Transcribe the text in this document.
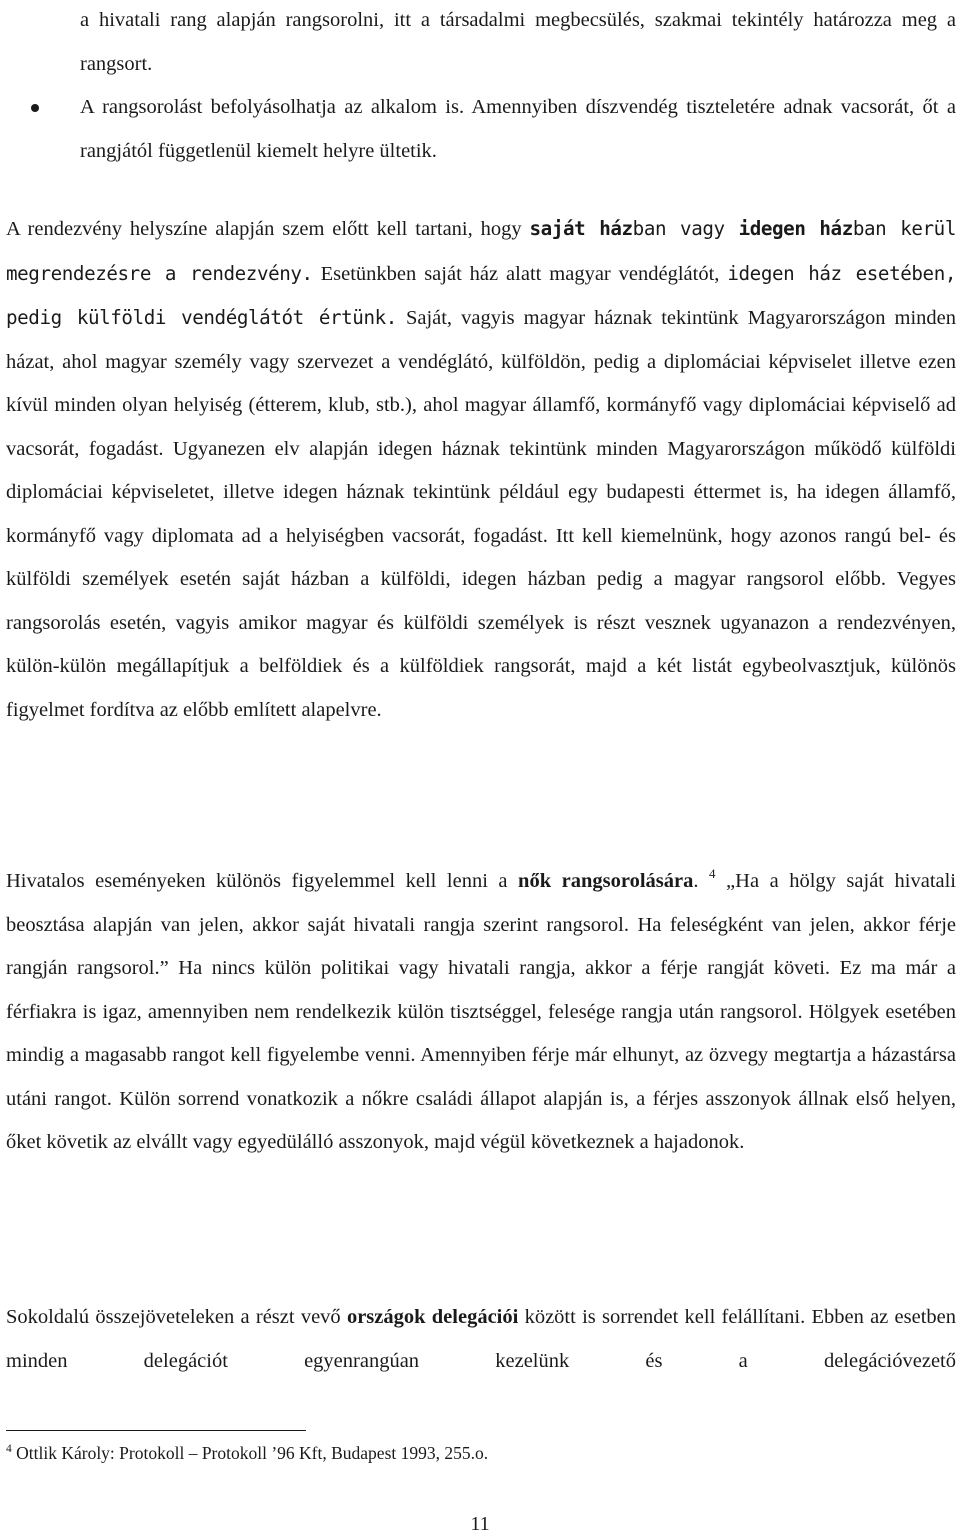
a hivatali rang alapján rangsorolni, itt a társadalmi megbecsülés, szakmai tekintély határozza meg a rangsort.
A rangsorolást befolyásolhatja az alkalom is. Amennyiben díszvendég tiszteletére adnak vacsorát, őt a rangjától függetlenül kiemelt helyre ültetik.

A rendezvény helyszíne alapján szem előtt kell tartani, hogy saját házban vagy idegen házban kerül megrendezésre a rendezvény. Esetünkben saját ház alatt magyar vendéglátót, idegen ház esetében, pedig külföldi vendéglátót értünk. Saját, vagyis magyar háznak tekintünk Magyarországon minden házat, ahol magyar személy vagy szervezet a vendéglátó, külföldön, pedig a diplomáciai képviselet illetve ezen kívül minden olyan helyiség (étterem, klub, stb.), ahol magyar államfő, kormányfő vagy diplomáciai képviselő ad vacsorát, fogadást. Ugyanezen elv alapján idegen háznak tekintünk minden Magyarországon működő külföldi diplomáciai képviseletet, illetve idegen háznak tekintünk például egy budapesti éttermet is, ha idegen államfő, kormányfő vagy diplomata ad a helyiségben vacsorát, fogadást. Itt kell kiemelnünk, hogy azonos rangú bel- és külföldi személyek esetén saját házban a külföldi, idegen házban pedig a magyar rangsorol előbb. Vegyes rangsorolás esetén, vagyis amikor magyar és külföldi személyek is részt vesznek ugyanazon a rendezvényen, külön-külön megállapítjuk a belföldiek és a külföldiek rangsorát, majd a két listát egybeolvasztjuk, különös figyelmet fordítva az előbb említett alapelvre.

Hivatalos eseményeken különös figyelemmel kell lenni a nők rangsorolására. $^4$ „Ha a hölgy saját hivatali beosztása alapján van jelen, akkor saját hivatali rangja szerint rangsorol. Ha feleségként van jelen, akkor férje rangján rangsorol.” Ha nincs külön politikai vagy hivatali rangja, akkor a férje rangját követi. Ez ma már a férfiakra is igaz, amennyiben nem rendelkezik külön tisztséggel, felesége rangja után rangsorol. Hölgyek esetében mindig a magasabb rangot kell figyelembe venni. Amennyiben férje már elhunyt, az özvegy megtartja a házastársa utáni rangot. Külön sorrend vonatkozik a nőkre családi állapot alapján is, a férjes asszonyok állnak első helyen, őket követik az elvállt vagy egyedülálló asszonyok, majd végül következnek a hajadonok.

Sokoldalú összejöveteleken a részt vevő országok delegációi között is sorrendet kell felállítani. Ebben az esetben minden delegációt egyenrangúan kezelünk és a delegációvezető

$^4$ Ottlik Károly: Protokoll – Protokoll ’96 Kft, Budapest 1993, 255.o.
11
